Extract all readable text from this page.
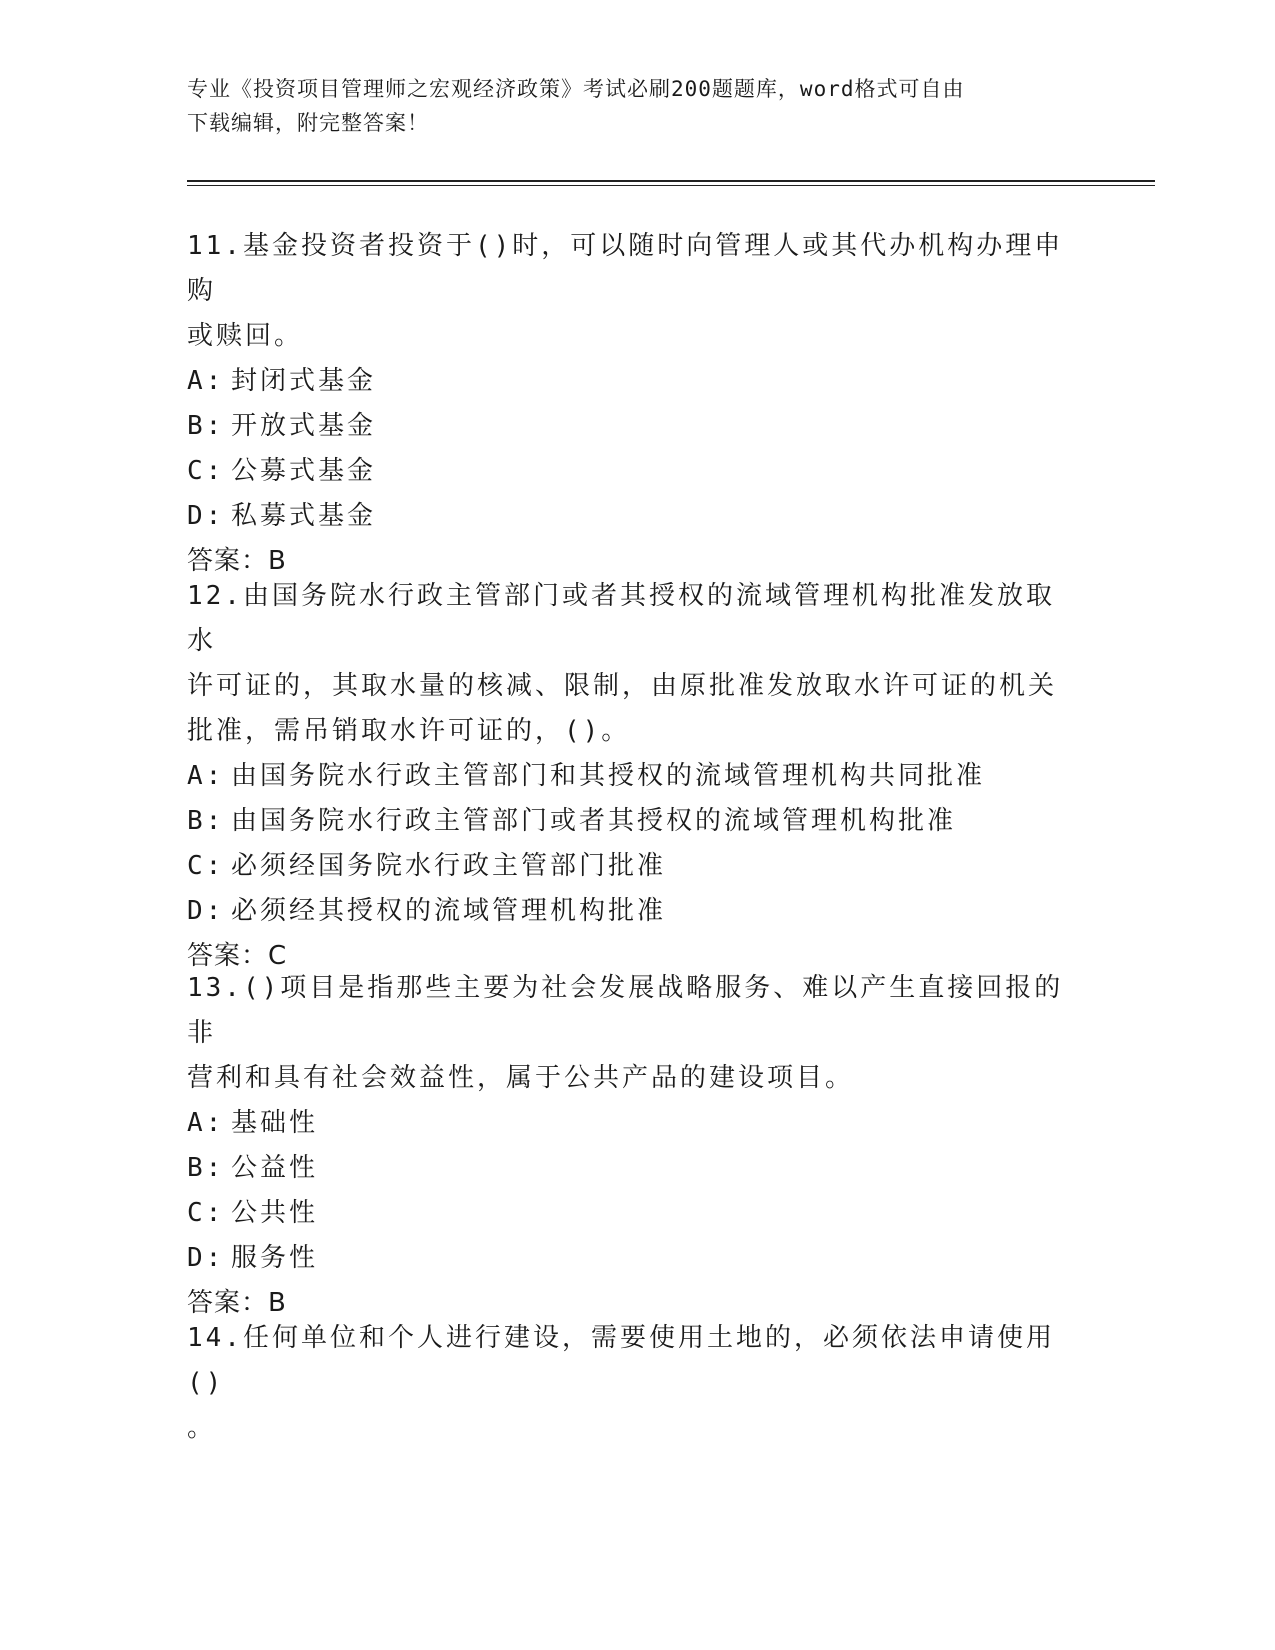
专业《投资项目管理师之宏观经济政策》考试必刷200题题库，word格式可自由
下载编辑，附完整答案！

11.基金投资者投资于()时，可以随时向管理人或其代办机构办理申购

或赎回。

A: 封闭式基金

B: 开放式基金

C: 公募式基金

D: 私募式基金

答案：B

12.由国务院水行政主管部门或者其授权的流域管理机构批准发放取水

许可证的，其取水量的核减、限制，由原批准发放取水许可证的机关

批准，需吊销取水许可证的，()。

A: 由国务院水行政主管部门和其授权的流域管理机构共同批准

B: 由国务院水行政主管部门或者其授权的流域管理机构批准

C: 必须经国务院水行政主管部门批准

D: 必须经其授权的流域管理机构批准

答案：C

13.()项目是指那些主要为社会发展战略服务、难以产生直接回报的非

营利和具有社会效益性，属于公共产品的建设项目。

A: 基础性

B: 公益性

C: 公共性

D: 服务性

答案：B

14.任何单位和个人进行建设，需要使用土地的，必须依法申请使用()

。
